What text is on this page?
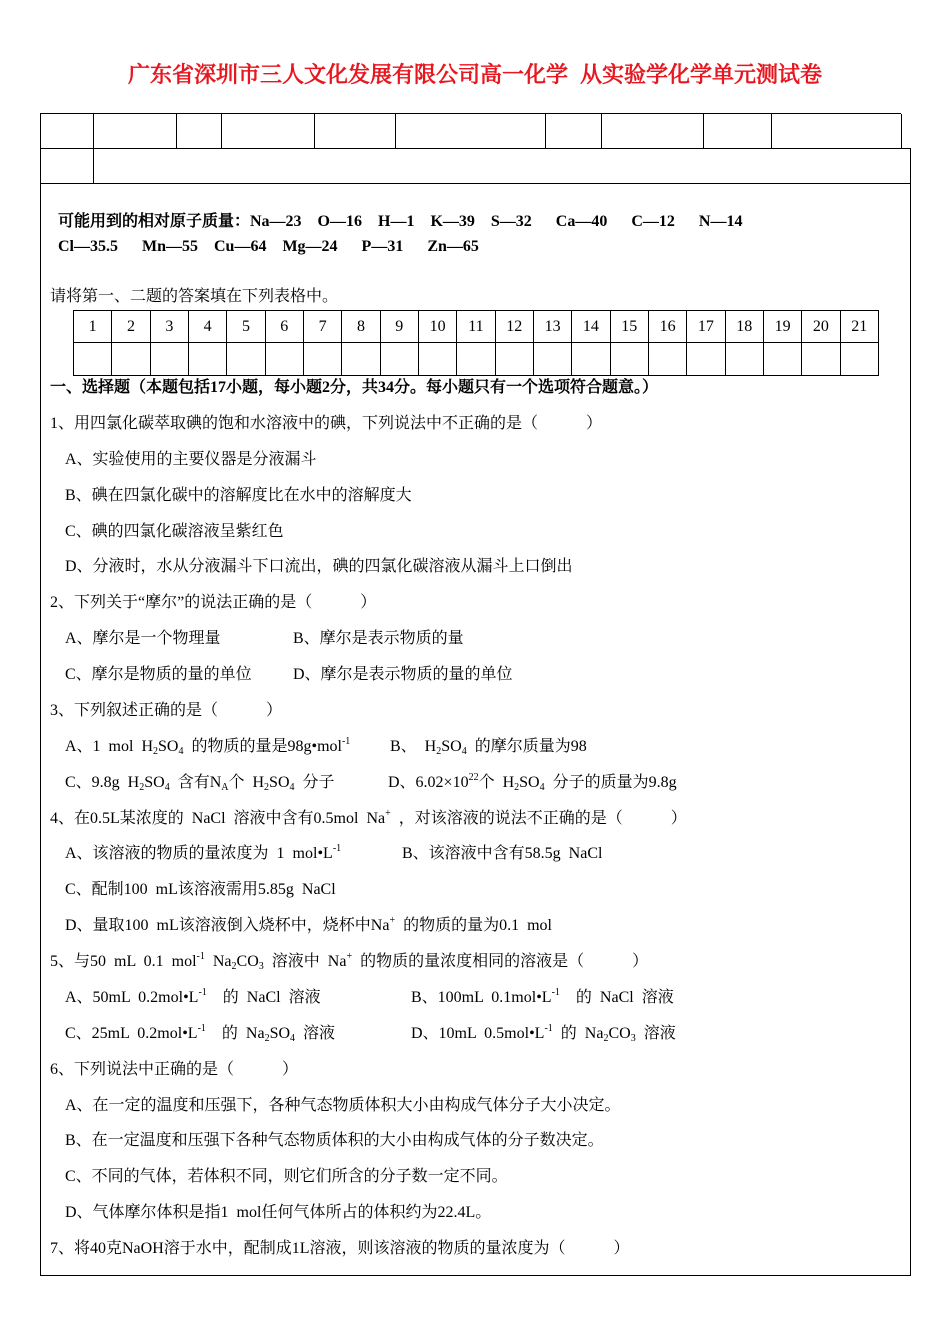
广东省深圳市三人文化发展有限公司高一化学 从实验学化学单元测试卷
可能用到的相对原子质量：Na—23  O—16  H—1  K—39  S—32   Ca—40   C—12   N—14
Cl—35.5   Mn—55  Cu—64  Mg—24   P—31   Zn—65
请将第一、二题的答案填在下列表格中。
1	2	3	4	5	6	7	8	9	10	11	12	13	14	15	16	17	18	19	20	21

一、选择题（本题包括17小题，每小题2分，共34分。每小题只有一个选项符合题意。）
1、用四氯化碳萃取碘的饱和水溶液中的碘，下列说法中不正确的是（      ）
A、实验使用的主要仪器是分液漏斗
B、碘在四氯化碳中的溶解度比在水中的溶解度大
C、碘的四氯化碳溶液呈紫红色
D、分液时，水从分液漏斗下口流出，碘的四氯化碳溶液从漏斗上口倒出
2、下列关于“摩尔”的说法正确的是（      ）
A、摩尔是一个物理量	B、摩尔是表示物质的量
C、摩尔是物质的量的单位	D、摩尔是表示物质的量的单位
3、下列叙述正确的是（      ）
A、1 mol $H_2SO_4$ 的物质的量是98g•mol$^{-1}$ B、 $H_2SO_4$ 的摩尔质量为98
C、9.8g $H_2SO_4$ 含有$N_A$个 $H_2SO_4$ 分子	D、$6.02\times 10^{22}$个 $H_2SO_4$ 分子的质量为9.8g
4、在0.5L某浓度的 NaCl 溶液中含有0.5mol Na+ ，对该溶液的说法不正确的是（      ）
A、该溶液的物质的量浓度为 1 $mol•L^{-1}$	B、该溶液中含有58.5g NaCl
C、配制100 mL该溶液需用5.85g NaCl
D、量取100 mL该溶液倒入烧杯中，烧杯中Na+ 的物质的量为0.1 mol
5、与50 mL 0.1 mol$^{-1}$ $Na_2CO_3$ 溶液中 Na+ 的物质的量浓度相同的溶液是（      ）
A、50mL $0.2mol•L^{-1}$  的 NaCl 溶液	B、100mL $0.1mol•L^{-1}$  的 NaCl 溶液
C、25mL $0.2mol•L^{-1}$  的 $Na_2SO_4$ 溶液	D、10mL $0.5mol•L^{-1}$ 的 $Na_2CO_3$ 溶液
6、下列说法中正确的是（      ）
A、在一定的温度和压强下，各种气态物质体积大小由构成气体分子大小决定。
B、在一定温度和压强下各种气态物质体积的大小由构成气体的分子数决定。
C、不同的气体，若体积不同，则它们所含的分子数一定不同。
D、气体摩尔体积是指1 mol任何气体所占的体积约为22.4L。
7、将40克NaOH溶于水中，配制成1L溶液，则该溶液的物质的量浓度为（      ）
